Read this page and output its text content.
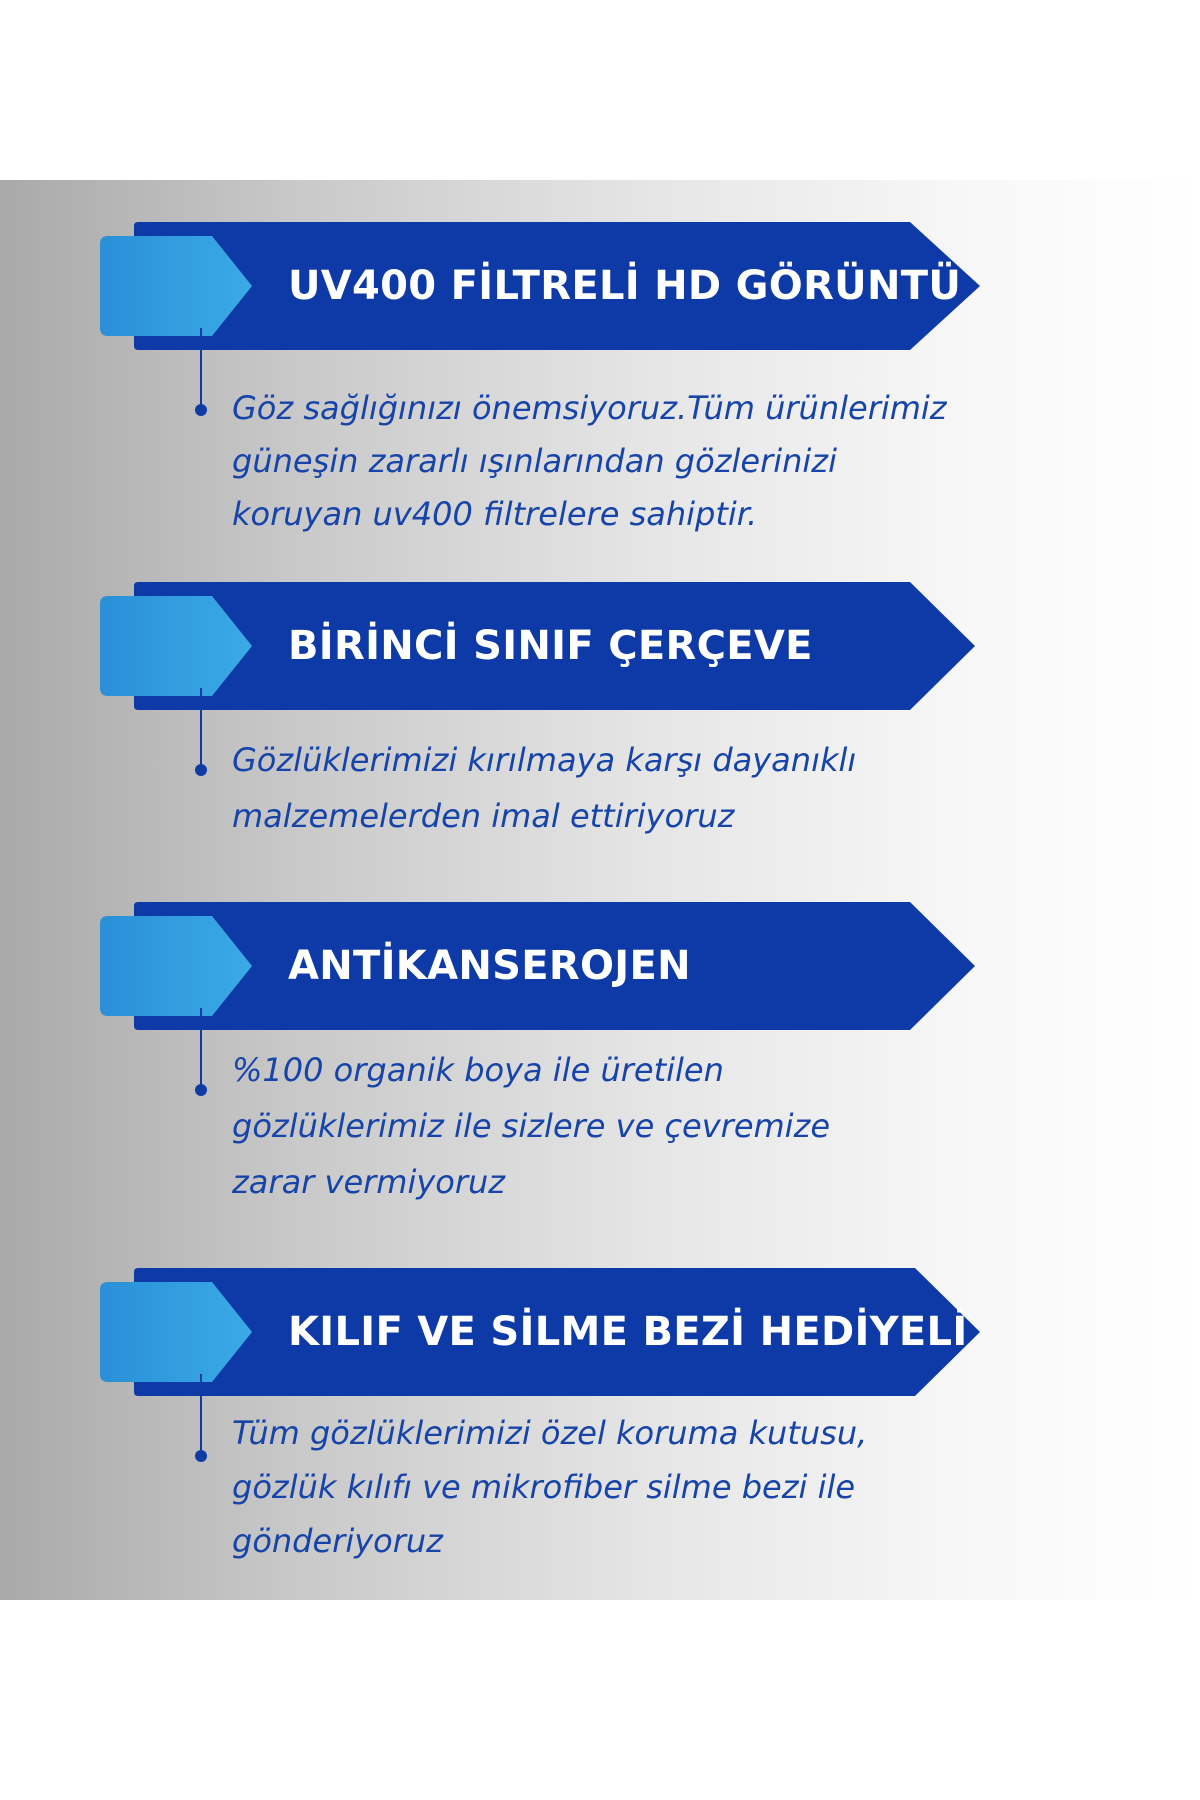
UV400 FİLTRELİ HD GÖRÜNTÜ
Göz sağlığınızı önemsiyoruz.Tüm ürünlerimiz
güneşin zararlı ışınlarından gözlerinizi
koruyan uv400 filtrelere sahiptir.
BİRİNCİ SINIF ÇERÇEVE
Gözlüklerimizi kırılmaya karşı dayanıklı
malzemelerden imal ettiriyoruz
ANTİKANSEROJEN
%100 organik boya ile üretilen
gözlüklerimiz ile sizlere ve çevremize
zarar vermiyoruz
KILIF VE SİLME BEZİ HEDİYELİ
Tüm gözlüklerimizi özel koruma kutusu,
gözlük kılıfı ve mikrofiber silme bezi ile
gönderiyoruz
